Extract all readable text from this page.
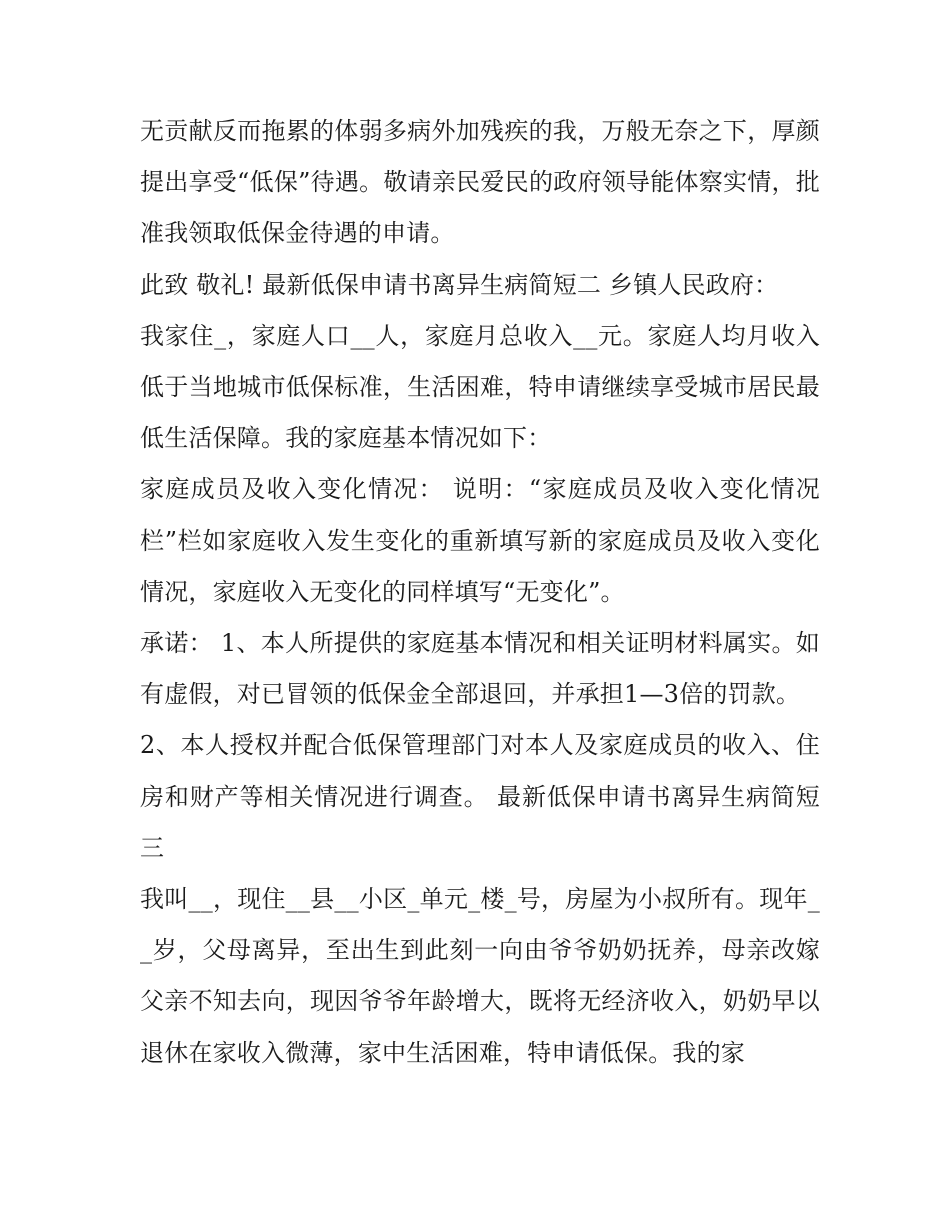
无贡献反而拖累的体弱多病外加残疾的我，万般无奈之下，厚颜提出享受“低保”待遇。敬请亲民爱民的政府领导能体察实情，批准我领取低保金待遇的申请。

此致 敬礼! 最新低保申请书离异生病简短二 乡镇人民政府：

我家住_，家庭人口__人，家庭月总收入__元。家庭人均月收入低于当地城市低保标准，生活困难，特申请继续享受城市居民最低生活保障。我的家庭基本情况如下：

家庭成员及收入变化情况： 说明：“家庭成员及收入变化情况栏”栏如家庭收入发生变化的重新填写新的家庭成员及收入变化情况，家庭收入无变化的同样填写“无变化”。

承诺： 1、本人所提供的家庭基本情况和相关证明材料属实。如有虚假，对已冒领的低保金全部退回，并承担1—3倍的罚款。

2、本人授权并配合低保管理部门对本人及家庭成员的收入、住房和财产等相关情况进行调查。 最新低保申请书离异生病简短三

我叫__，现住__县__小区_单元_楼_号，房屋为小叔所有。现年__岁，父母离异，至出生到此刻一向由爷爷奶奶抚养，母亲改嫁父亲不知去向，现因爷爷年龄增大，既将无经济收入，奶奶早以退休在家收入微薄，家中生活困难，特申请低保。我的家
